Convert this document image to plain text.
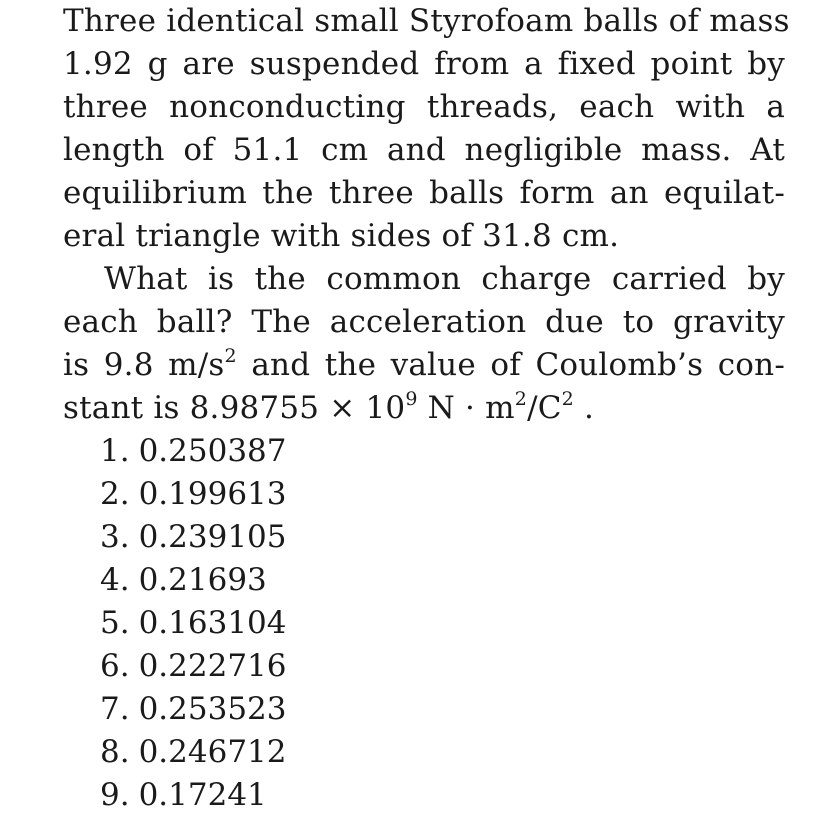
Three identical small Styrofoam balls of mass
1.92 g are suspended from a fixed point by
three nonconducting threads, each with a
length of 51.1 cm and negligible mass. At
equilibrium the three balls form an equilat-
eral triangle with sides of 31.8 cm.

What is the common charge carried by
each ball? The acceleration due to gravity
is 9.8 $m/s^2$ and the value of Coulomb’s con-
stant is $8.98755 \times 10^9$ $N \cdot m^2/C^2$ .

1. 0.250387
2. 0.199613
3. 0.239105
4. 0.21693
5. 0.163104
6. 0.222716
7. 0.253523
8. 0.246712
9. 0.17241
